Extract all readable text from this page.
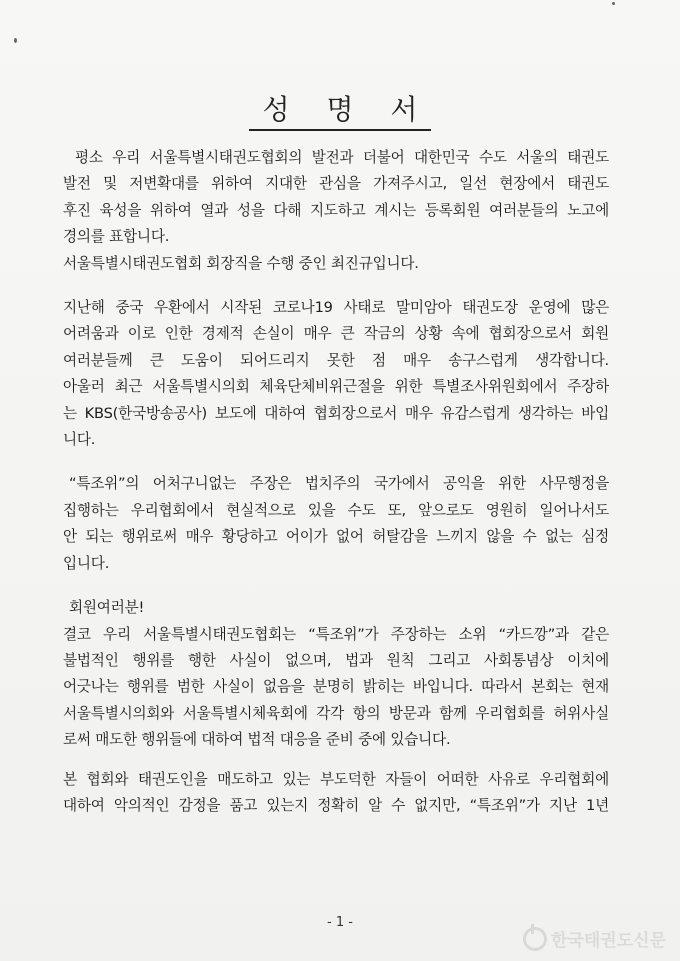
성 명 서
평소 우리 서울특별시태권도협회의 발전과 더불어 대한민국 수도 서울의 태권도
발전 및 저변확대를 위하여 지대한 관심을 가져주시고, 일선 현장에서 태권도
후진 육성을 위하여 열과 성을 다해 지도하고 계시는 등록회원 여러분들의 노고에
경의를 표합니다.
서울특별시태권도협회 회장직을 수행 중인 최진규입니다.
지난해 중국 우환에서 시작된 코로나19 사태로 말미암아 태권도장 운영에 많은
어려움과 이로 인한 경제적 손실이 매우 큰 작금의 상황 속에 협회장으로서 회원
여러분들께 큰 도움이 되어드리지 못한 점 매우 송구스럽게 생각합니다.
아울러 최근 서울특별시의회 체육단체비위근절을 위한 특별조사위원회에서 주장하
는 KBS(한국방송공사) 보도에 대하여 협회장으로서 매우 유감스럽게 생각하는 바입
니다.
“특조위”의 어처구니없는 주장은 법치주의 국가에서 공익을 위한 사무행정을
집행하는 우리협회에서 현실적으로 있을 수도 또, 앞으로도 영원히 일어나서도
안 되는 행위로써 매우 황당하고 어이가 없어 허탈감을 느끼지 않을 수 없는 심정
입니다.
회원여러분!
결코 우리 서울특별시태권도협회는 “특조위”가 주장하는 소위 “카드깡”과 같은
불법적인 행위를 행한 사실이 없으며, 법과 원칙 그리고 사회통념상 이치에
어긋나는 행위를 범한 사실이 없음을 분명히 밝히는 바입니다. 따라서 본회는 현재
서울특별시의회와 서울특별시체육회에 각각 항의 방문과 함께 우리협회를 허위사실
로써 매도한 행위들에 대하여 법적 대응을 준비 중에 있습니다.
본 협회와 태권도인을 매도하고 있는 부도덕한 자들이 어떠한 사유로 우리협회에
대하여 악의적인 감정을 품고 있는지 정확히 알 수 없지만, “특조위”가 지난 1년
- 1 -
한국태권도신문
